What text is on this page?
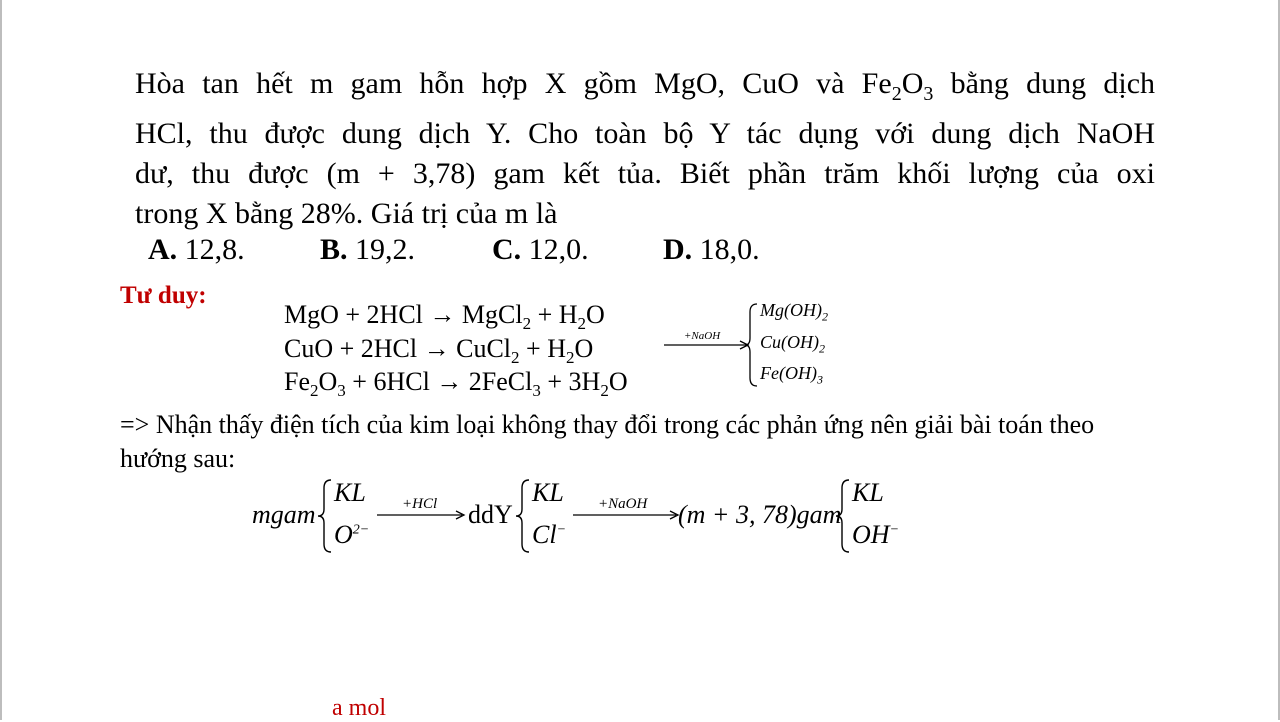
Hòa tan hết m gam hỗn hợp X gồm MgO, CuO và $Fe_2O_3$ bằng dung dịch
HCl, thu được dung dịch Y. Cho toàn bộ Y tác dụng với dung dịch NaOH
dư, thu được (m + 3,78) gam kết tủa. Biết phần trăm khối lượng của oxi
trong X bằng 28%. Giá trị của m là
A. 12,8.	B. 19,2.	C. 12,0. D. 18,0.
Tư duy:
MgO + 2HCl → MgCl$_2$ + $H_2O$
CuO + 2HCl → CuCl$_2$ + $H_2O$
$Fe_2O_3 + 6HCl$ → 2FeCl$_3$ + $3H_2O$
+NaOH
$Mg(OH)_2$
$Cu(OH)_2$
$Fe(OH)_3$
=> Nhận thấy điện tích của kim loại không thay đổi trong các phản ứng nên giải bài toán theo
hướng sau:
mgam
KL
$O^{2-}$
+HCl ddY
KL
Cl−
+NaOH (m + 3, 78)gam
KL
OH−
a mol
